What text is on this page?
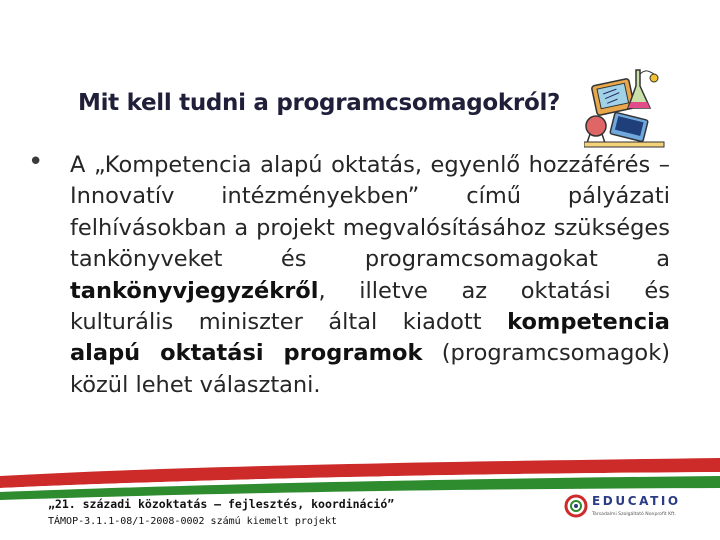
Mit kell tudni a programcsomagokról?
• A „Kompetencia alapú oktatás, egyenlő hozzáférés – Innovatív intézményekben” című pályázati felhívásokban a projekt megvalósításához szükséges tankönyveket és programcsomagokat a tankönyvjegyzékről, illetve az oktatási és kulturális miniszter által kiadott kompetencia alapú oktatási programok (programcsomagok) közül lehet választani.
„21. századi közoktatás – fejlesztés, koordináció”
TÁMOP-3.1.1-08/1-2008-0002 számú kiemelt projekt
EDUCATIO
Társadalmi Szolgáltató Nonprofit Kft.
